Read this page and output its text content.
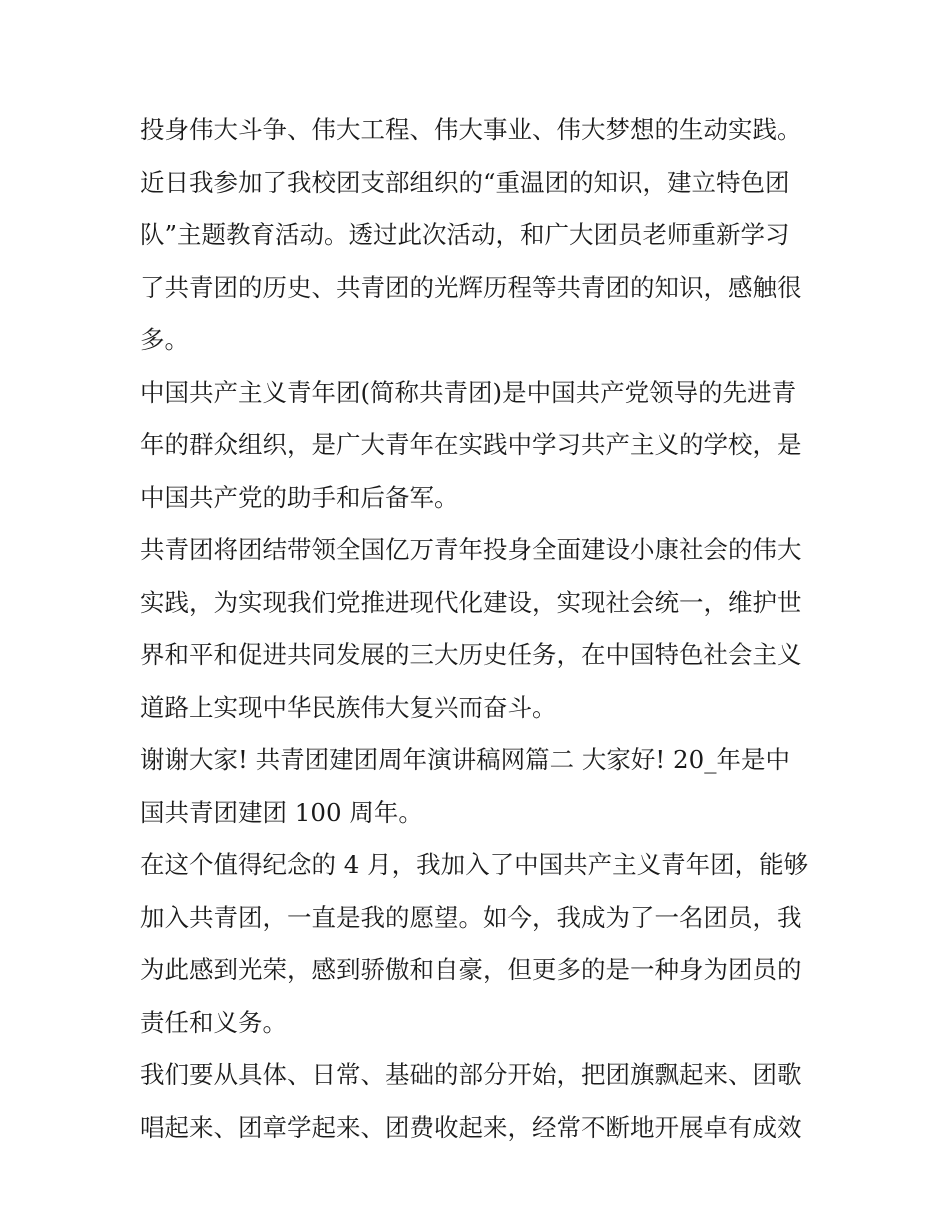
投身伟大斗争、伟大工程、伟大事业、伟大梦想的生动实践。

近日我参加了我校团支部组织的“重温团的知识，建立特色团
队”主题教育活动。透过此次活动，和广大团员老师重新学习
了共青团的历史、共青团的光辉历程等共青团的知识，感触很
多。

中国共产主义青年团(简称共青团)是中国共产党领导的先进青
年的群众组织，是广大青年在实践中学习共产主义的学校，是
中国共产党的助手和后备军。

共青团将团结带领全国亿万青年投身全面建设小康社会的伟大
实践，为实现我们党推进现代化建设，实现社会统一，维护世
界和平和促进共同发展的三大历史任务，在中国特色社会主义
道路上实现中华民族伟大复兴而奋斗。

谢谢大家! 共青团建团周年演讲稿网篇二 大家好! 20_年是中
国共青团建团 100 周年。

在这个值得纪念的 4 月，我加入了中国共产主义青年团，能够
加入共青团，一直是我的愿望。如今，我成为了一名团员，我
为此感到光荣，感到骄傲和自豪，但更多的是一种身为团员的
责任和义务。

我们要从具体、日常、基础的部分开始，把团旗飘起来、团歌
唱起来、团章学起来、团费收起来，经常不断地开展卓有成效
